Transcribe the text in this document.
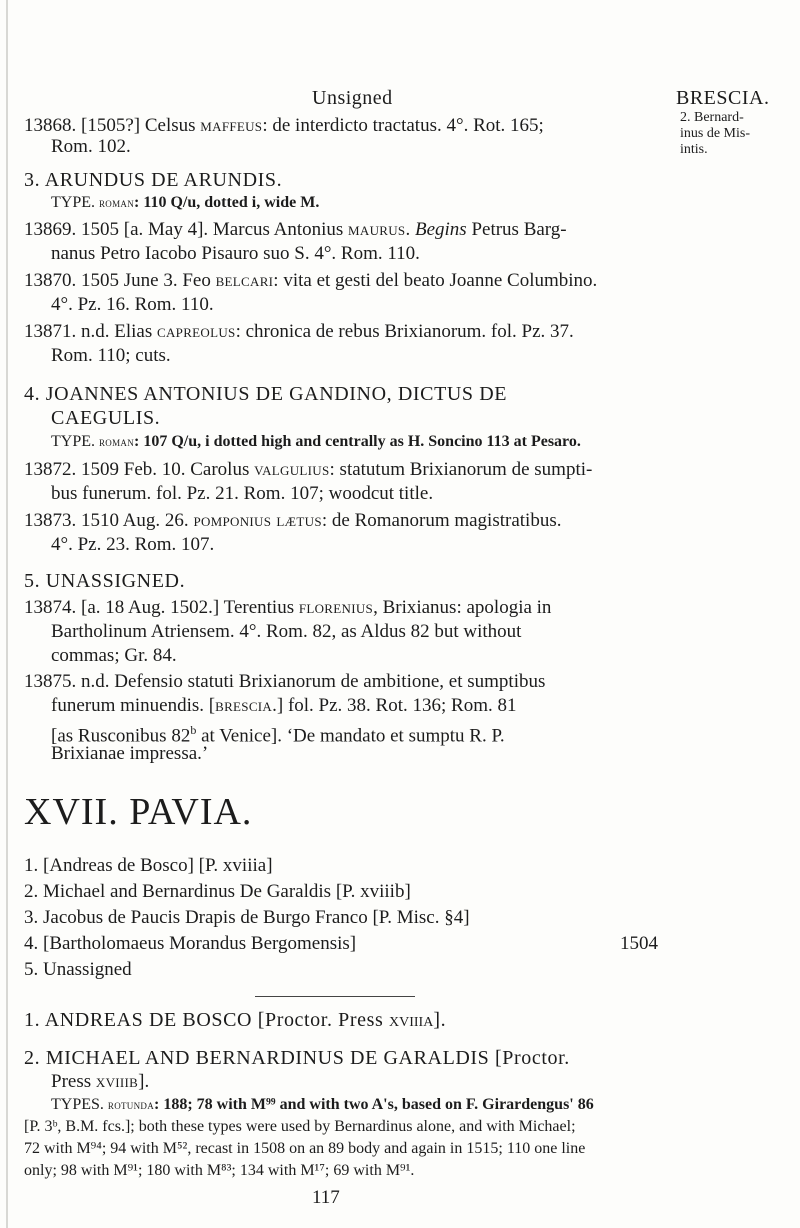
Unsigned	BRESCIA.
2. Bernard-
inus de Mis-
intis.
13868. [1505?] Celsus maffeus: de interdicto tractatus. 4°. Rot. 165;
Rom. 102.
3. ARUNDUS DE ARUNDIS.
TYPE. roman: 110 Q/u, dotted i, wide M.
13869. 1505 [a. May 4]. Marcus Antonius maurus. Begins Petrus Barg-
nanus Petro Iacobo Pisauro suo S. 4°. Rom. 110.
13870. 1505 June 3. Feo belcari: vita et gesti del beato Joanne Columbino.
4°. Pz. 16. Rom. 110.
13871. n.d. Elias capreolus: chronica de rebus Brixianorum. fol. Pz. 37.
Rom. 110; cuts.
4. JOANNES ANTONIUS DE GANDINO, DICTUS DE
CAEGULIS.
TYPE. roman: 107 Q/u, i dotted high and centrally as H. Soncino 113 at Pesaro.
13872. 1509 Feb. 10. Carolus valgulius: statutum Brixianorum de sumpti-
bus funerum. fol. Pz. 21. Rom. 107; woodcut title.
13873. 1510 Aug. 26. pomponius lætus: de Romanorum magistratibus.
4°. Pz. 23. Rom. 107.
5. UNASSIGNED.
13874. [a. 18 Aug. 1502.] Terentius florenius, Brixianus: apologia in
Bartholinum Atriensem. 4°. Rom. 82, as Aldus 82 but without
commas; Gr. 84.
13875. n.d. Defensio statuti Brixianorum de ambitione, et sumptibus
funerum minuendis. [brescia.] fol. Pz. 38. Rot. 136; Rom. 81
[as Rusconibus 82$^b$ at Venice]. ‘De mandato et sumptu R. P.
Brixianae impressa.’
XVII. PAVIA.
1. [Andreas de Bosco] [P. xviiia]
2. Michael and Bernardinus De Garaldis [P. xviiib]
3. Jacobus de Paucis Drapis de Burgo Franco [P. Misc. §4]
4. [Bartholomaeus Morandus Bergomensis]	1504
5. Unassigned
1. ANDREAS DE BOSCO [Proctor. Press xviiia].
2. MICHAEL AND BERNARDINUS DE GARALDIS [Proctor.
Press xviiib].
TYPES. rotunda: 188; 78 with M⁹⁹ and with two A's, based on F. Girardengus' 86
[P. 3ᵇ, B.M. fcs.]; both these types were used by Bernardinus alone, and with Michael;
72 with M⁹⁴; 94 with M⁵², recast in 1508 on an 89 body and again in 1515; 110 one line
only; 98 with M⁹¹; 180 with M⁸³; 134 with M¹⁷; 69 with M⁹¹.
117
